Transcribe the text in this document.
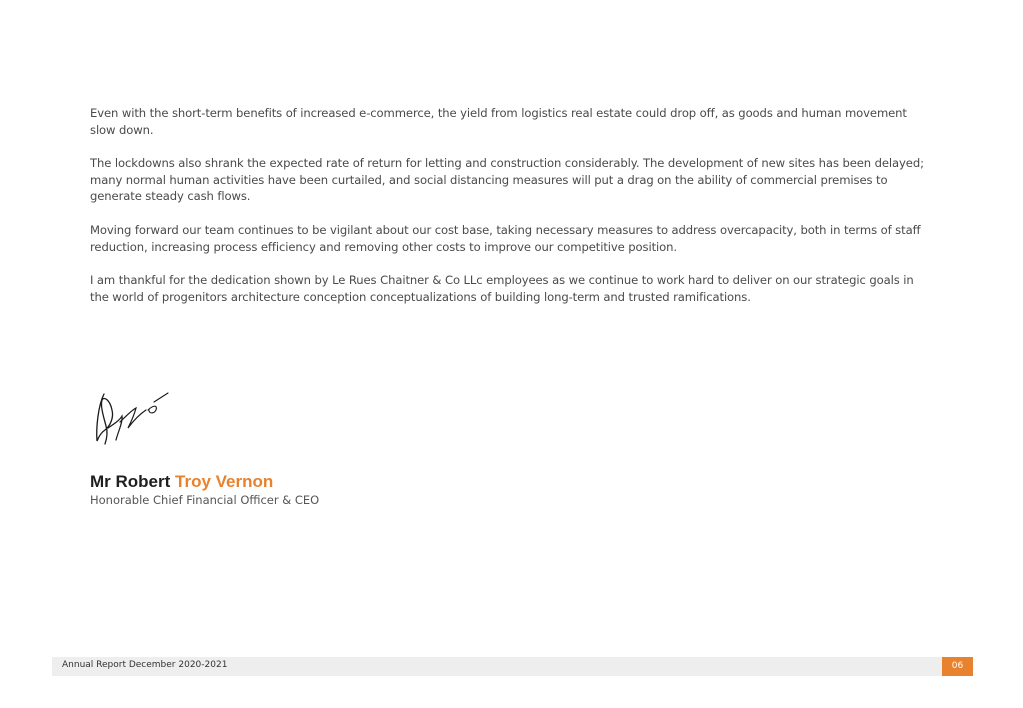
Even with the short-term benefits of increased e-commerce, the yield from logistics real estate could drop off, as goods and human movement slow down.

The lockdowns also shrank the expected rate of return for letting and construction considerably. The development of new sites has been delayed; many normal human activities have been curtailed, and social distancing measures will put a drag on the ability of commercial premises to generate steady cash flows.

Moving forward our team continues to be vigilant about our cost base, taking necessary measures to address overcapacity, both in terms of staff reduction, increasing process efficiency and removing other costs to improve our competitive position.

I am thankful for the dedication shown by Le Rues Chaitner & Co LLc employees as we continue to work hard to deliver on our strategic goals in the world of progenitors architecture conception conceptualizations of building long-term and trusted ramifications.

Mr Robert Troy Vernon
Honorable Chief Financial Officer & CEO
Annual Report December 2020-2021	06
